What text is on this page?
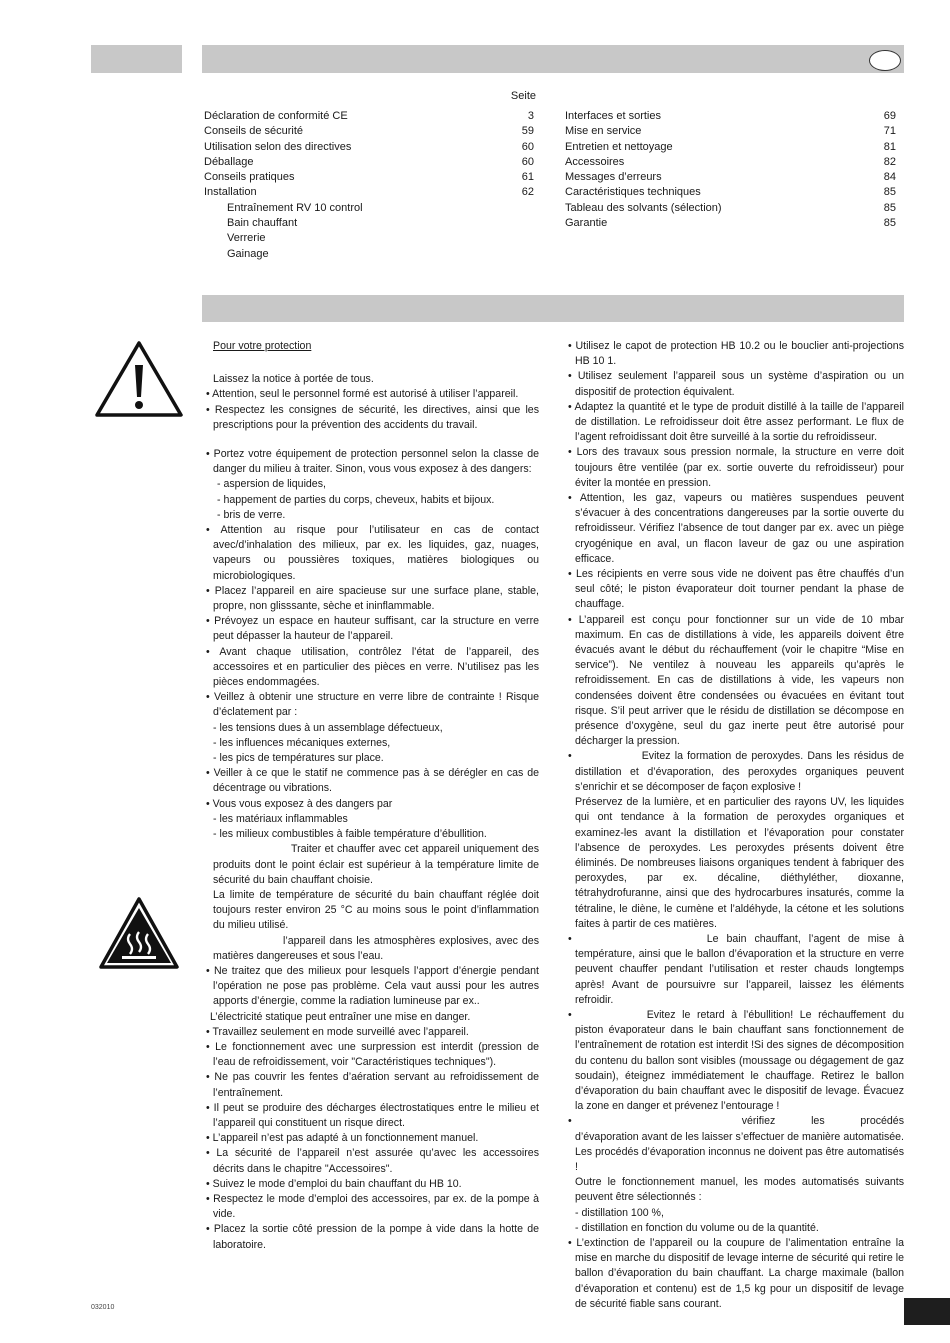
Seite
Déclaration de conformité CE	3
Conseils de sécurité	59
Utilisation selon des directives	60
Déballage	60
Conseils pratiques	61
Installation	62
Entraînement RV 10 control
Bain chauffant
Verrerie
Gainage
Interfaces et sorties	69
Mise en service	71
Entretien et nettoyage	81
Accessoires	82
Messages d’erreurs	84
Caractéristiques techniques	85
Tableau des solvants (sélection)	85
Garantie	85

Pour votre protection

Laissez la notice à portée de tous.

• Attention, seul le personnel formé est autorisé à utiliser l’appareil.

• Respectez les consignes de sécurité, les directives, ainsi que les prescriptions pour la prévention des accidents du travail.

• Portez votre équipement de protection personnel selon la classe de danger du milieu à traiter. Sinon, vous vous exposez à des dangers:

- aspersion de liquides,

- happement de parties du corps, cheveux, habits et bijoux.

- bris de verre.

• Attention au risque pour l’utilisateur en cas de contact avec/d’inhalation des milieux, par ex. les liquides, gaz, nuages, vapeurs ou poussières toxiques, matières biologiques ou microbiologiques.

• Placez l’appareil en aire spacieuse sur une surface plane, stable, propre, non glisssante, sèche et ininflammable.

• Prévoyez un espace en hauteur suffisant, car la structure en verre peut dépasser la hauteur de l’appareil.

• Avant chaque utilisation, contrôlez l’état de l’appareil, des accessoires et en particulier des pièces en verre. N’utilisez pas les pièces endommagées.

• Veillez à obtenir une structure en verre libre de contrainte ! Risque d’éclatement par :

- les tensions dues à un assemblage défectueux,

- les influences mécaniques externes,

- les pics de températures sur place.

• Veiller à ce que le statif ne commence pas à se dérégler en cas de décentrage ou vibrations.

• Vous vous exposez à des dangers par

- les matériaux inflammables

- les milieux combustibles à faible température d’ébullition.

Traiter et chauffer avec cet appareil uniquement des produits dont le point éclair est supérieur à la température limite de sécurité du bain chauffant choisie.

La limite de température de sécurité du bain chauffant réglée doit toujours rester environ 25 °C au moins sous le point d’inflammation du milieu utilisé.

l’appareil dans les atmosphères explosives, avec des matières dangereuses et sous l’eau.

• Ne traitez que des milieux pour lesquels l’apport d’énergie pendant l’opération ne pose pas problème. Cela vaut aussi pour les autres apports d’énergie, comme la radiation lumineuse par ex..

L’électricité statique peut entraîner une mise en danger.

• Travaillez seulement en mode surveillé avec l’appareil.

• Le fonctionnement avec une surpression est interdit (pression de l’eau de refroidissement, voir "Caractéristiques techniques").

• Ne pas couvrir les fentes d’aération servant au refroidissement de l’entraînement.

• Il peut se produire des décharges électrostatiques entre le milieu et l’appareil qui constituent un risque direct.

• L’appareil n’est pas adapté à un fonctionnement manuel.

• La sécurité de l’appareil n’est assurée qu’avec les accessoires décrits dans le chapitre "Accessoires".

• Suivez le mode d’emploi du bain chauffant du HB 10.

• Respectez le mode d’emploi des accessoires, par ex. de la pompe à vide.

• Placez la sortie côté pression de la pompe à vide dans la hotte de laboratoire.

• Utilisez le capot de protection HB 10.2 ou le bouclier anti-projections HB 10 1.

• Utilisez seulement l’appareil sous un système d’aspiration ou un dispositif de protection équivalent.

• Adaptez la quantité et le type de produit distillé à la taille de l’appareil de distillation. Le refroidisseur doit être assez performant. Le flux de l’agent refroidissant doit être surveillé à la sortie du refroidisseur.

• Lors des travaux sous pression normale, la structure en verre doit toujours être ventilée (par ex. sortie ouverte du refroidisseur) pour éviter la montée en pression.

• Attention, les gaz, vapeurs ou matières suspendues peuvent s’évacuer à des concentrations dangereuses par la sortie ouverte du refroidisseur. Vérifiez l’absence de tout danger par ex. avec un piège cryogénique en aval, un flacon laveur de gaz ou une aspiration efficace.

• Les récipients en verre sous vide ne doivent pas être chauffés d’un seul côté; le piston évaporateur doit tourner pendant la phase de chauffage.

• L’appareil est conçu pour fonctionner sur un vide de 10 mbar maximum. En cas de distillations à vide, les appareils doivent être évacués avant le début du réchauffement (voir le chapitre “Mise en service”). Ne ventilez à nouveau les appareils qu’après le refroidissement. En cas de distillations à vide, les vapeurs non condensées doivent être condensées ou évacuées en évitant tout risque. S’il peut arriver que le résidu de distillation se décompose en présence d’oxygène, seul du gaz inerte peut être autorisé pour décharger la pression.

•	Evitez la formation de peroxydes. Dans les résidus de distillation et d’évaporation, des peroxydes organiques peuvent s’enrichir et se décomposer de façon explosive !

Préservez de la lumière, et en particulier des rayons UV, les liquides qui ont tendance à la formation de peroxydes organiques et examinez-les avant la distillation et l’évaporation pour constater l’absence de peroxydes. Les peroxydes présents doivent être éliminés. De nombreuses liaisons organiques tendent à fabriquer des peroxydes, par ex. décaline, diéthyléther, dioxanne, tétrahydrofuranne, ainsi que des hydrocarbures insaturés, comme la tétraline, le diène, le cumène et l’aldéhyde, la cétone et les solutions faites à partir de ces matières.

•	Le bain chauffant, l’agent de mise à température, ainsi que le ballon d’évaporation et la structure en verre peuvent chauffer pendant l’utilisation et rester chauds longtemps après! Avant de poursuivre sur l’appareil, laissez les éléments refroidir.

•	Evitez le retard à l’ébullition! Le réchauffement du piston évaporateur dans le bain chauffant sans fonctionnement de l’entraînement de rotation est interdit !Si des signes de décomposition du contenu du ballon sont visibles (moussage ou dégagement de gaz soudain), éteignez immédiatement le chauffage. Retirez le ballon d’évaporation du bain chauffant avec le dispositif de levage. Évacuez la zone en danger et prévenez l’entourage !

•	vérifiez les procédés d’évaporation avant de les laisser s’effectuer de manière automatisée. Les procédés d’évaporation inconnus ne doivent pas être automatisés !

Outre le fonctionnement manuel, les modes automatisés suivants peuvent être sélectionnés :

- distillation 100 %,

- distillation en fonction du volume ou de la quantité.

• L’extinction de l’appareil ou la coupure de l’alimentation entraîne la mise en marche du dispositif de levage interne de sécurité qui retire le ballon d’évaporation du bain chauffant. La charge maximale (ballon d’évaporation et contenu) est de 1,5 kg pour un dispositif de levage de sécurité fiable sans courant.

032010
